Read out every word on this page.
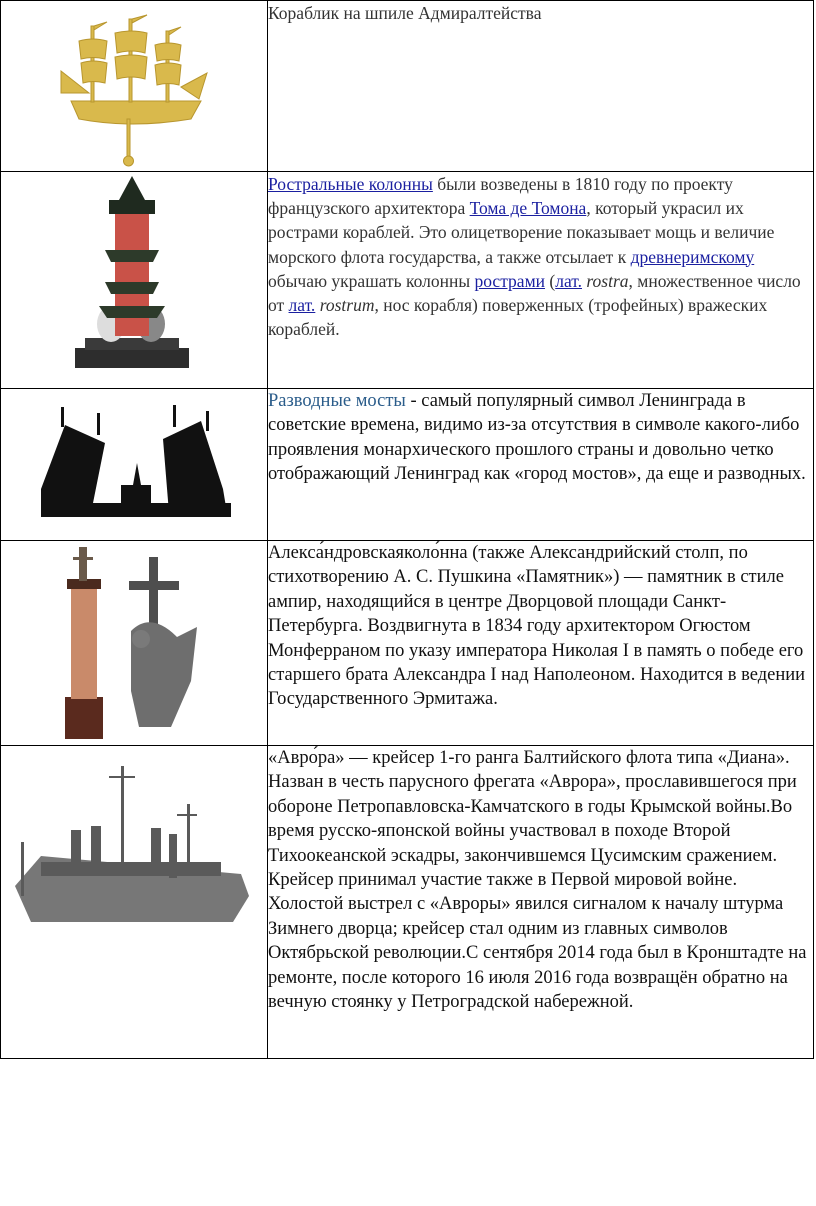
	Кораблик на шпиле Адмиралтейства

	Ростральные колонны были возведены в 1810 году по проекту французского архитектора Тома де Томона, который украсил их рострами кораблей. Это олицетворение показывает мощь и величие морского флота государства, а также отсылает к древнеримскому обычаю украшать колонны рострами (лат. rostra, множественное число от лат. rostrum, нос корабля) поверженных (трофейных) вражеских кораблей.

	Разводные мосты - самый популярный символ Ленинграда в советские времена, видимо из-за отсутствия в символе какого-либо проявления монархического прошлого страны и довольно четко отображающий Ленинград как «город мостов», да еще и разводных.

	Алекса́ндровскаяколо́нна (также Александрийский столп, по стихотворению А. С. Пушкина «Памятник») — памятник в стиле ампир, находящийся в центре Дворцовой площади Санкт-Петербурга. Воздвигнута в 1834 году архитектором Огюстом Монферраном по указу императора Николая I в память о победе его старшего брата Александра I над Наполеоном. Находится в ведении Государственного Эрмитажа.

	«Авро́ра» — крейсер 1-го ранга Балтийского флота типа «Диана». Назван в честь парусного фрегата «Аврора», прославившегося при обороне Петропавловска-Камчатского в годы Крымской войны.Во время русско-японской войны участвовал в походе Второй Тихоокеанской эскадры, закончившемся Цусимским сражением. Крейсер принимал участие также в Первой мировой войне. Холостой выстрел с «Авроры» явился сигналом к началу штурма Зимнего дворца; крейсер стал одним из главных символов Октябрьской революции.С сентября 2014 года был в Кронштадте на ремонте, после которого 16 июля 2016 года возвращён обратно на вечную стоянку у Петроградской набережной.
